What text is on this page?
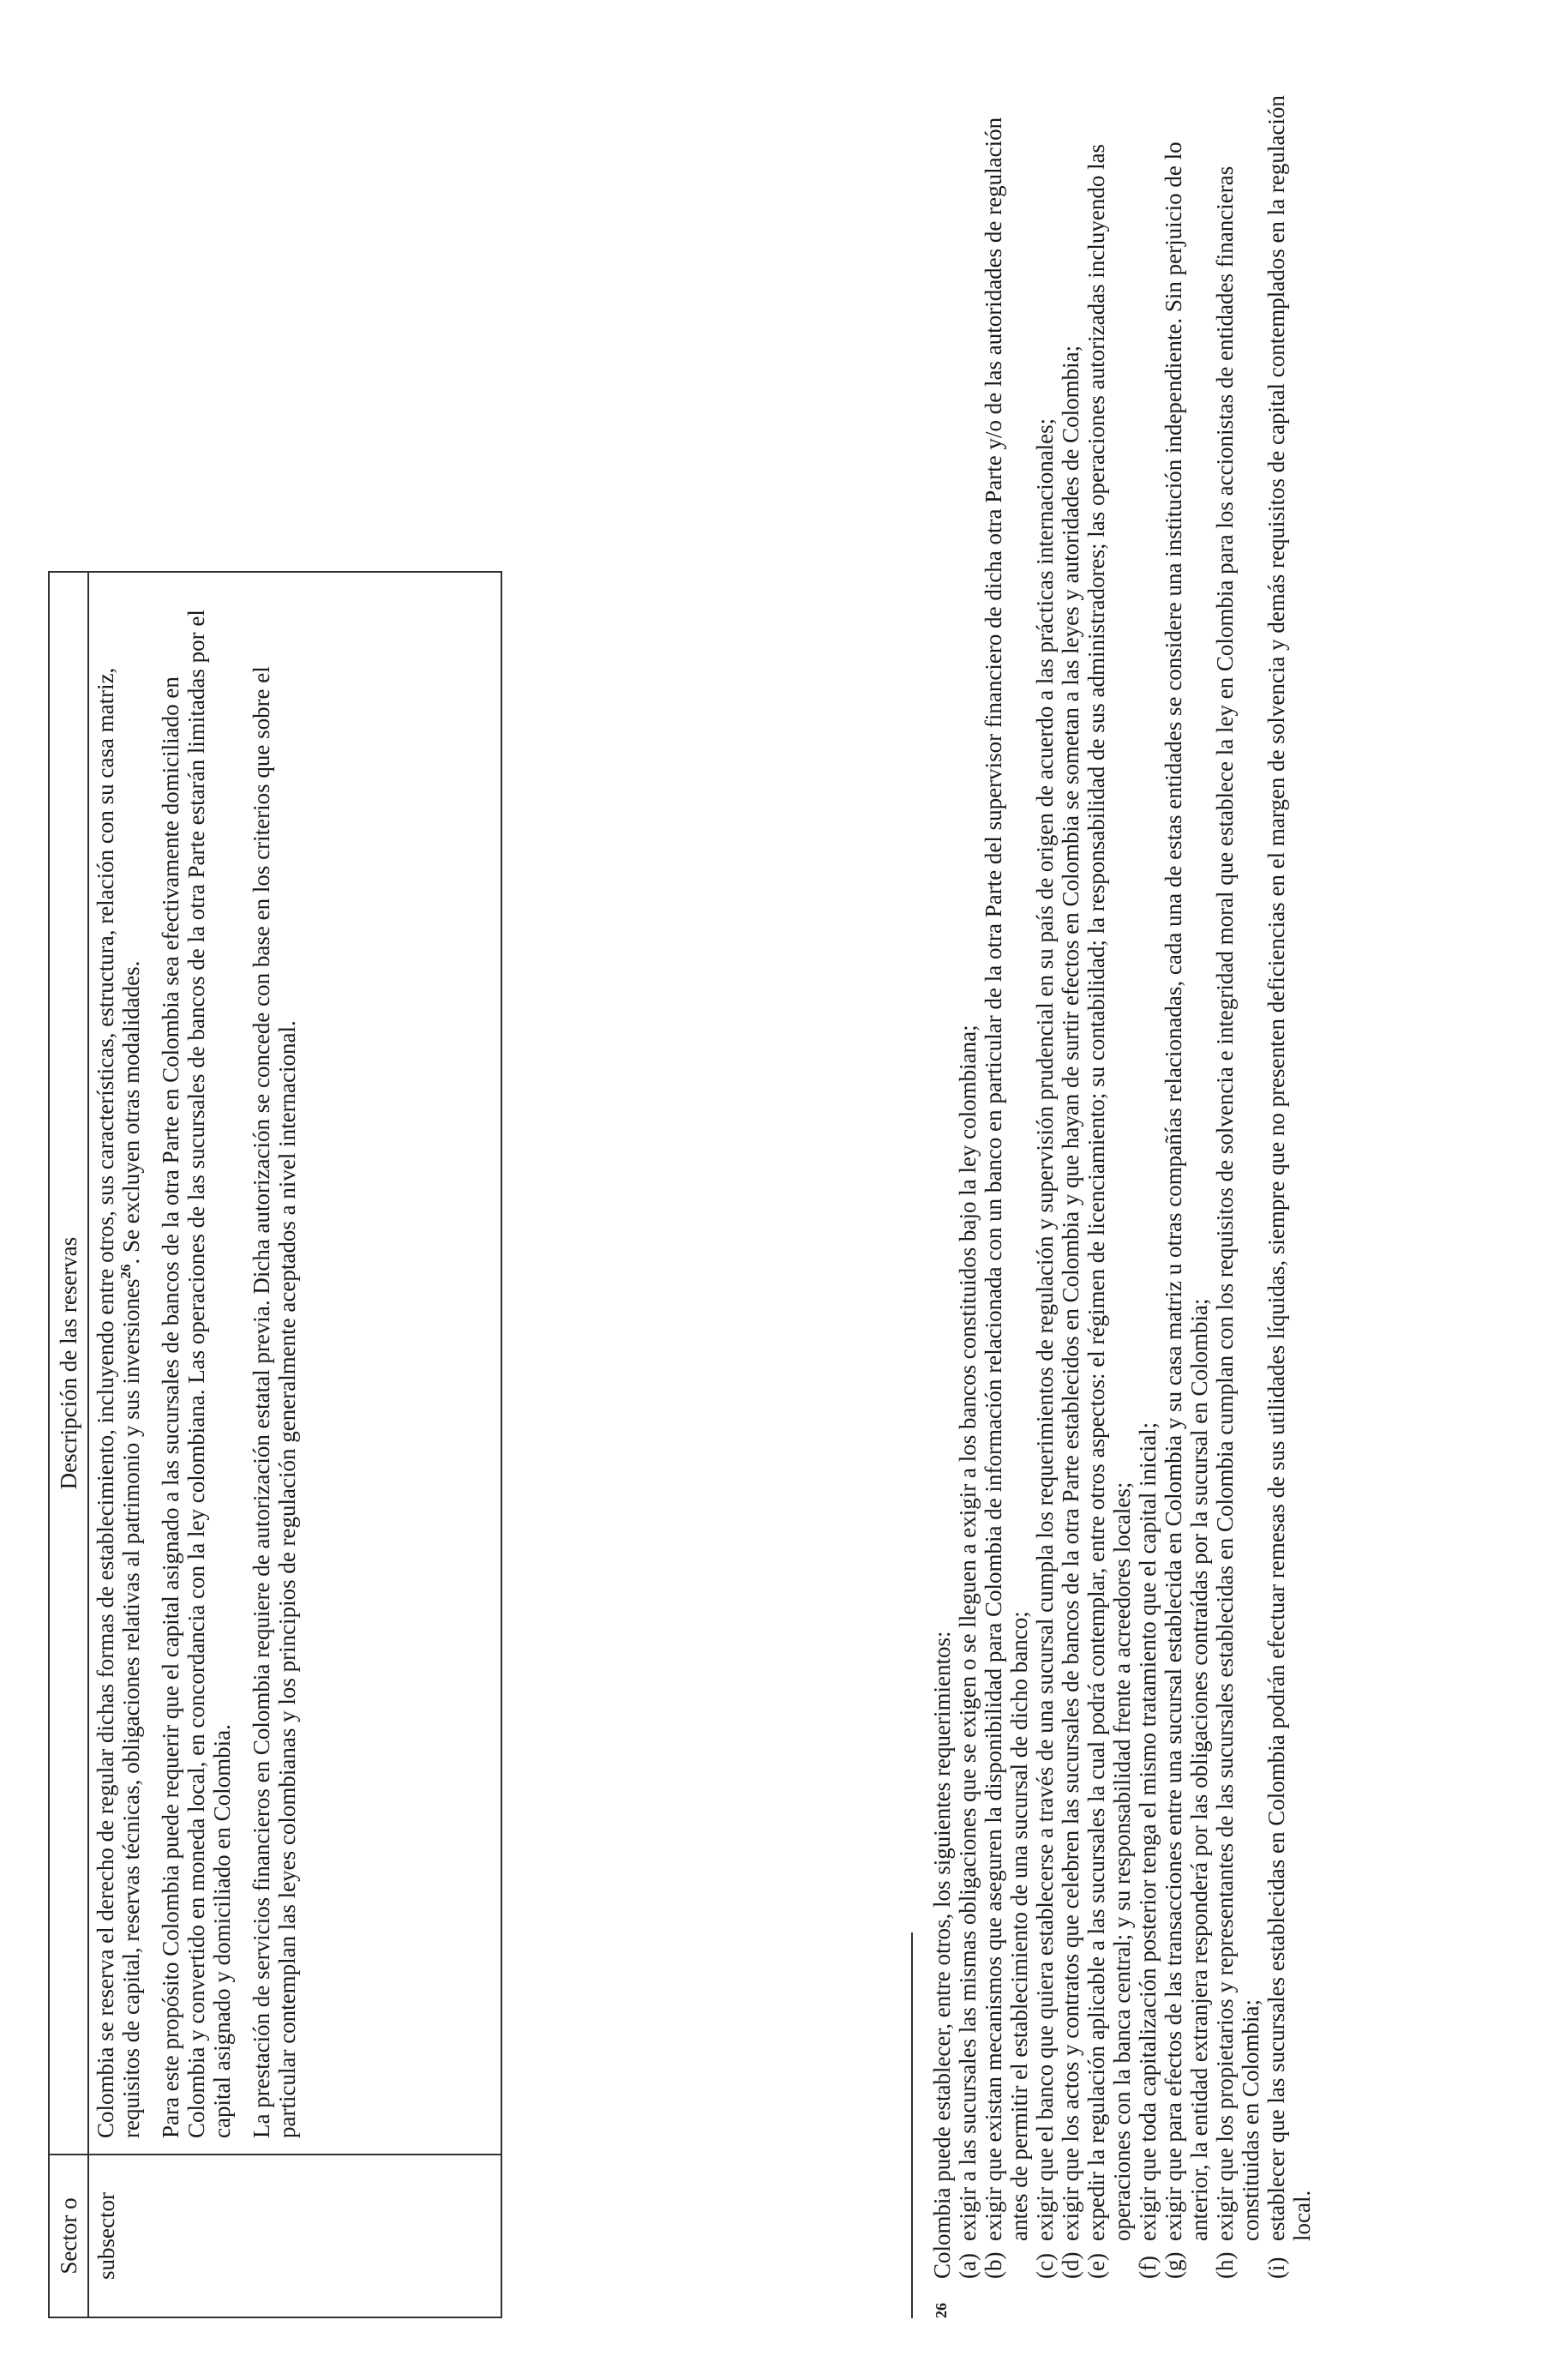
Sector o subsector
Descripción de las reservas Colombia se reserva el derecho de regular dichas formas de establecimiento, incluyendo entre otros, sus características, estructura, relación con su casa matriz, requisitos de capital, reservas técnicas, obligaciones relativas al patrimonio y sus inversiones$^{26}$. Se excluyen otras modalidades. Para este propósito Colombia puede requerir que el capital asignado a las sucursales de bancos de la otra Parte en Colombia sea efectivamente domiciliado en Colombia y convertido en moneda local, en concordancia con la ley colombiana. Las operaciones de las sucursales de bancos de la otra Parte estarán limitadas por el capital asignado y domiciliado en Colombia. La prestación de servicios financieros en Colombia requiere de autorización estatal previa. Dicha autorización se concede con base en los criterios que sobre el particular contemplan las leyes colombianas y los principios de regulación generalmente aceptados a nivel internacional.

26

Colombia puede establecer, entre otros, los siguientes requerimientos: (a)
exigir a las sucursales las mismas obligaciones que se exigen o se lleguen a exigir a los bancos constituidos bajo la ley colombiana;
(b)
exigir que existan mecanismos que aseguren la disponibilidad para Colombia de información relacionada con un banco en particular de la otra Parte del supervisor financiero de dicha otra Parte y/o de las autoridades de regulación antes de permitir el establecimiento de una sucursal de dicho banco;
(c)
exigir que el banco que quiera establecerse a través de una sucursal cumpla los requerimientos de regulación y supervisión prudencial en su país de origen de acuerdo a las prácticas internacionales;
(d)
exigir que los actos y contratos que celebren las sucursales de bancos de la otra Parte establecidos en Colombia y que hayan de surtir efectos en Colombia se sometan a las leyes y autoridades de Colombia;
(e)
expedir la regulación aplicable a las sucursales la cual podrá contemplar, entre otros aspectos: el régimen de licenciamiento; su contabilidad; la responsabilidad de sus administradores; las operaciones autorizadas incluyendo las operaciones con la banca central; y su responsabilidad frente a acreedores locales;
(f)
exigir que toda capitalización posterior tenga el mismo tratamiento que el capital inicial;
(g)
exigir que para efectos de las transacciones entre una sucursal establecida en Colombia y su casa matriz u otras compañías relacionadas, cada una de estas entidades se considere una institución independiente. Sin perjuicio de lo anterior, la entidad extranjera responderá por las obligaciones contraídas por la sucursal en Colombia;
(h)
exigir que los propietarios y representantes de las sucursales establecidas en Colombia cumplan con los requisitos de solvencia e integridad moral que establece la ley en Colombia para los accionistas de entidades financieras constituidas en Colombia;
(i)
establecer que las sucursales establecidas en Colombia podrán efectuar remesas de sus utilidades líquidas, siempre que no presenten deficiencias en el margen de solvencia y demás requisitos de capital contemplados en la regulación local.
